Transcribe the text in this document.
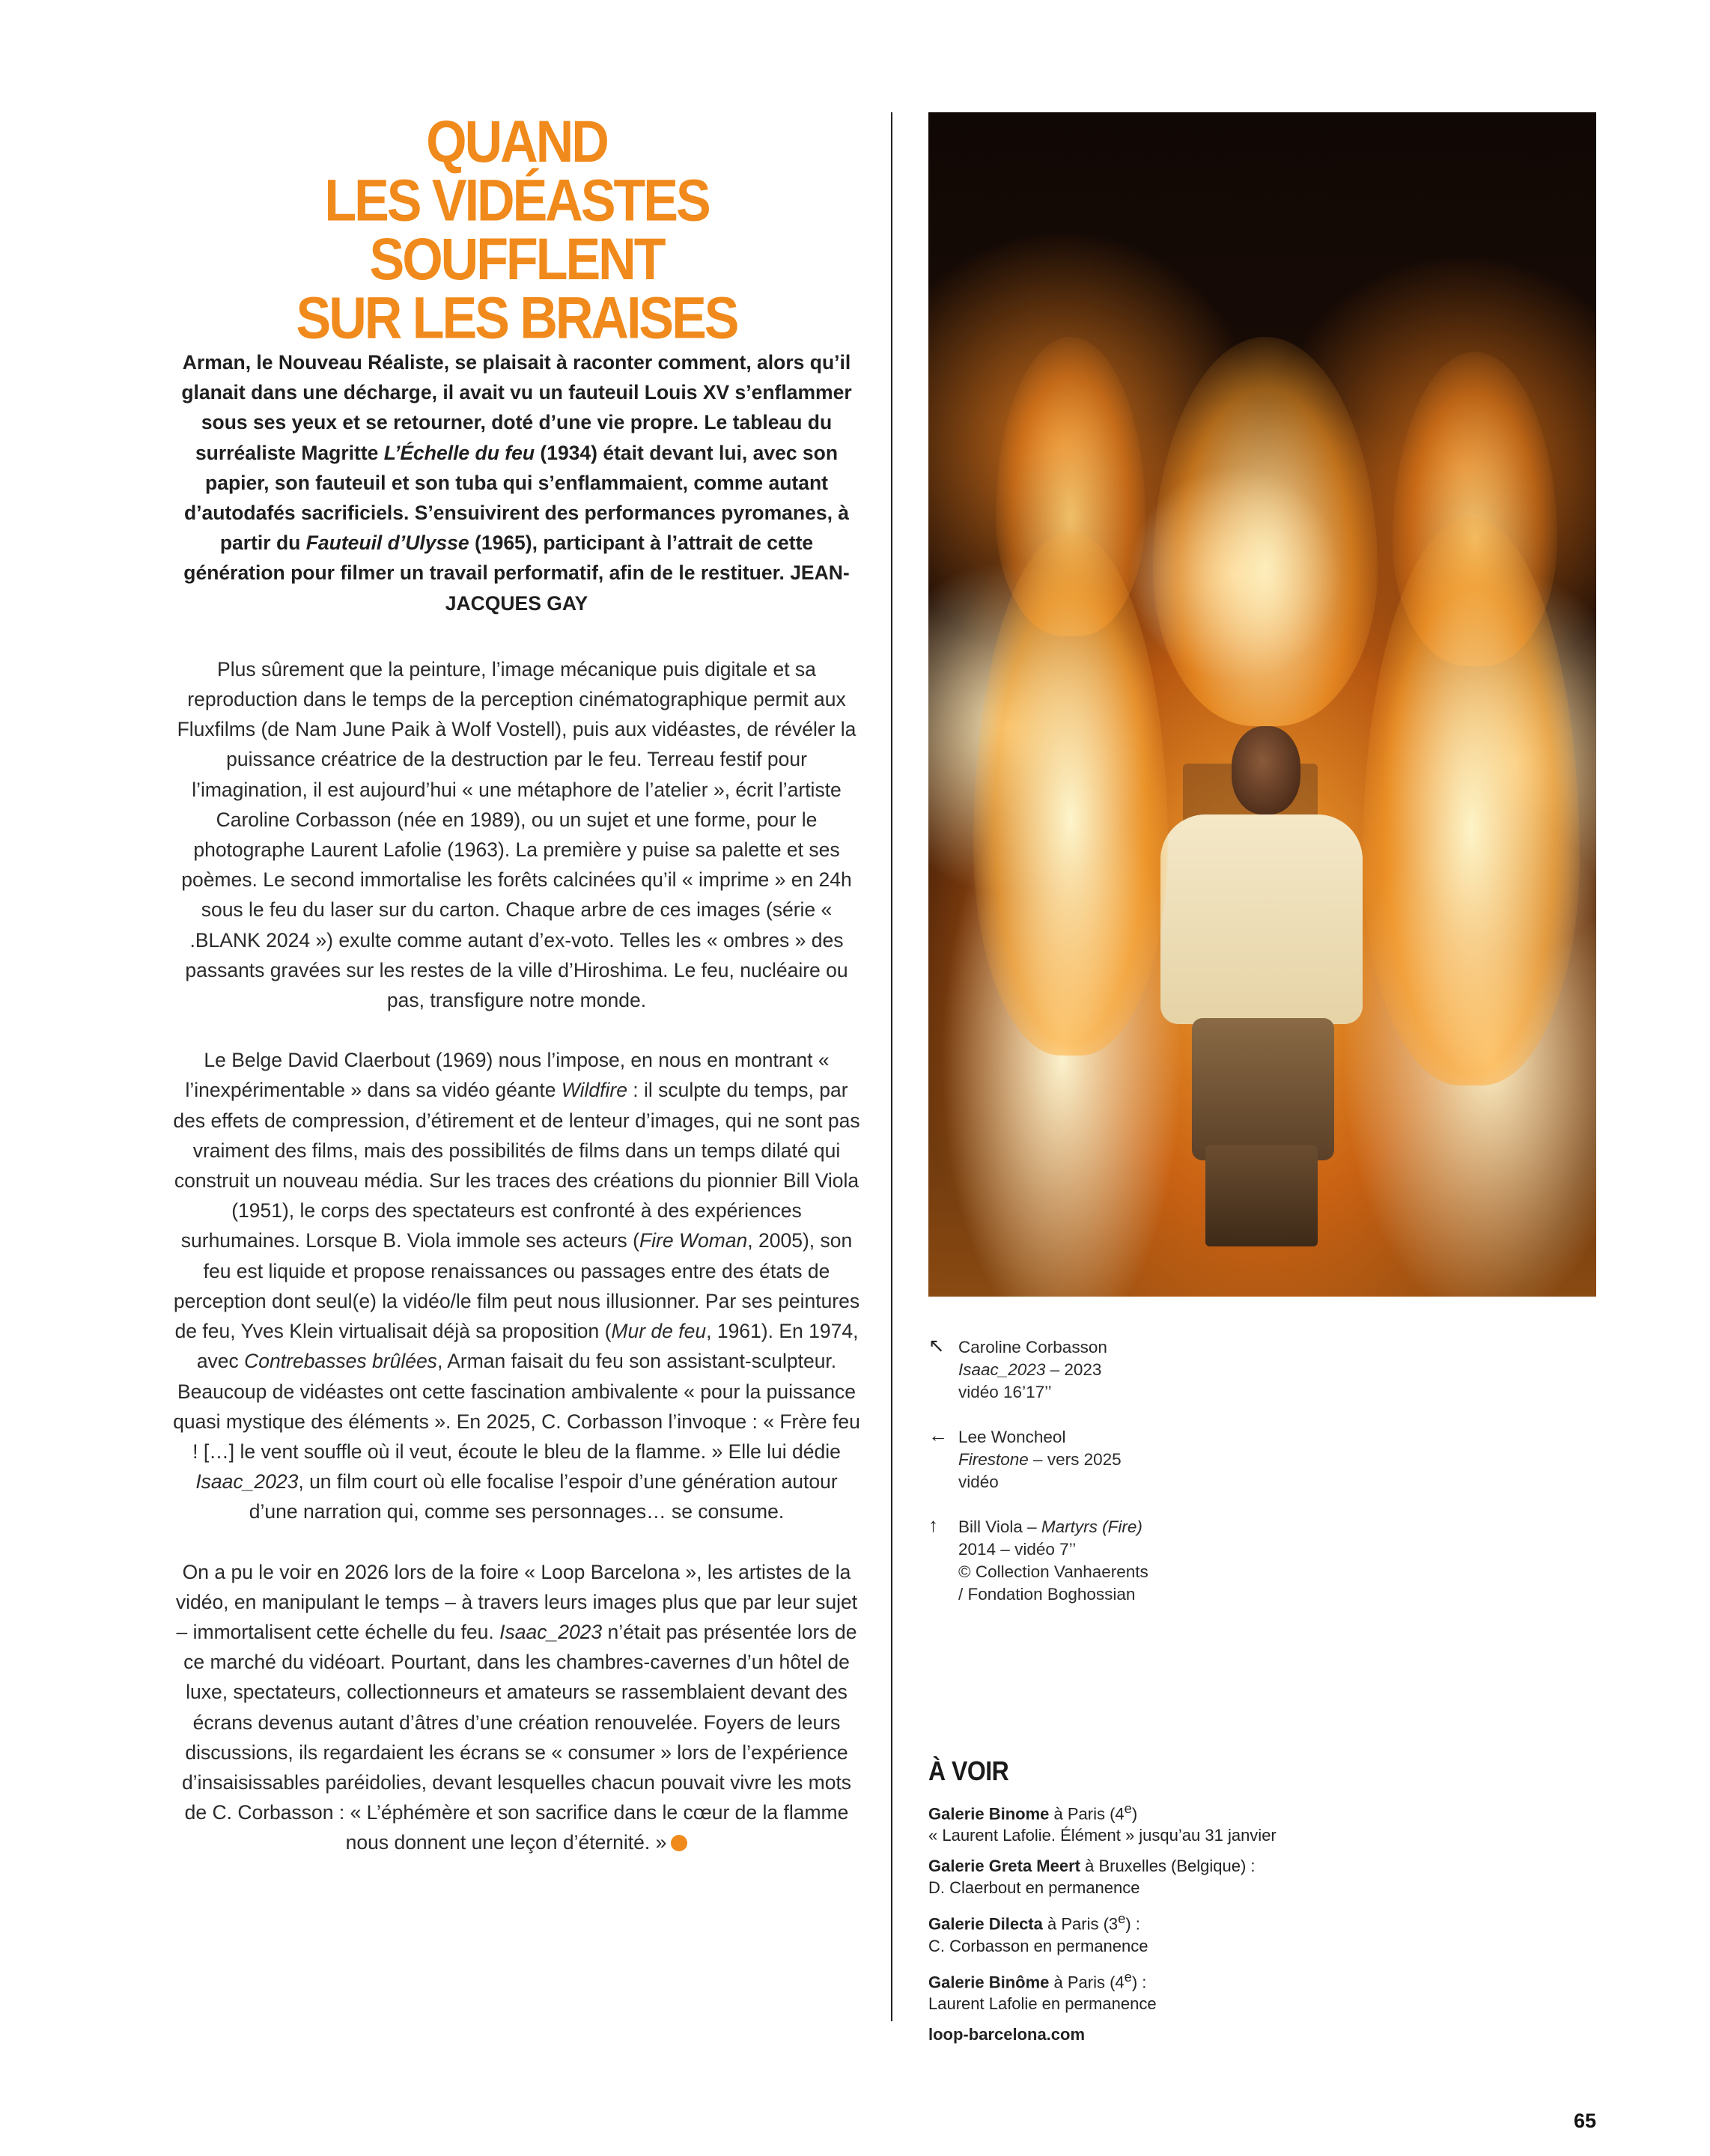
QUAND
LES VIDÉASTES SOUFFLENT
SUR LES BRAISES

Arman, le Nouveau Réaliste, se plaisait à raconter comment, alors qu’il glanait dans une décharge, il avait vu un fauteuil Louis XV s’enflammer sous ses yeux et se retourner, doté d’une vie propre. Le tableau du surréaliste Magritte L’Échelle du feu (1934) était devant lui, avec son papier, son fauteuil et son tuba qui s’enflammaient, comme autant d’autodafés sacrificiels. S’ensuivirent des performances pyromanes, à partir du Fauteuil d’Ulysse (1965), participant à l’attrait de cette génération pour filmer un travail performatif, afin de le restituer. JEAN-JACQUES GAY

Plus sûrement que la peinture, l’image mécanique puis digitale et sa reproduction dans le temps de la perception cinématographique permit aux Fluxfilms (de Nam June Paik à Wolf Vostell), puis aux vidéastes, de révéler la puissance créatrice de la destruction par le feu. Terreau festif pour l’imagination, il est aujourd’hui « une métaphore de l’atelier », écrit l’artiste Caroline Corbasson (née en 1989), ou un sujet et une forme, pour le photographe Laurent Lafolie (1963). La première y puise sa palette et ses poèmes. Le second immortalise les forêts calcinées qu’il « imprime » en 24h sous le feu du laser sur du carton. Chaque arbre de ces images (série « .BLANK 2024 ») exulte comme autant d’ex-voto. Telles les « ombres » des passants gravées sur les restes de la ville d’Hiroshima. Le feu, nucléaire ou pas, transfigure notre monde.

Le Belge David Claerbout (1969) nous l’impose, en nous en montrant « l’inexpérimentable » dans sa vidéo géante Wildfire : il sculpte du temps, par des effets de compression, d’étirement et de lenteur d’images, qui ne sont pas vraiment des films, mais des possibilités de films dans un temps dilaté qui construit un nouveau média. Sur les traces des créations du pionnier Bill Viola (1951), le corps des spectateurs est confronté à des expériences surhumaines. Lorsque B. Viola immole ses acteurs (Fire Woman, 2005), son feu est liquide et propose renaissances ou passages entre des états de perception dont seul(e) la vidéo/le film peut nous illusionner. Par ses peintures de feu, Yves Klein virtualisait déjà sa proposition (Mur de feu, 1961). En 1974, avec Contrebasses brûlées, Arman faisait du feu son assistant-sculpteur. Beaucoup de vidéastes ont cette fascination ambivalente « pour la puissance quasi mystique des éléments ». En 2025, C. Corbasson l’invoque : « Frère feu ! […] le vent souffle où il veut, écoute le bleu de la flamme. » Elle lui dédie Isaac_2023, un film court où elle focalise l’espoir d’une génération autour d’une narration qui, comme ses personnages… se consume.

On a pu le voir en 2026 lors de la foire « Loop Barcelona », les artistes de la vidéo, en manipulant le temps – à travers leurs images plus que par leur sujet – immortalisent cette échelle du feu. Isaac_2023 n’était pas présentée lors de ce marché du vidéoart. Pourtant, dans les chambres-cavernes d’un hôtel de luxe, spectateurs, collectionneurs et amateurs se rassemblaient devant des écrans devenus autant d’âtres d’une création renouvelée. Foyers de leurs discussions, ils regardaient les écrans se « consumer » lors de l’expérience d’insaisissables paréidolies, devant lesquelles chacun pouvait vivre les mots de C. Corbasson : « L’éphémère et son sacrifice dans le cœur de la flamme nous donnent une leçon d’éternité. »

↖ Caroline Corbasson
Isaac_2023 – 2023
vidéo 16’17’’
← Lee Woncheol
Firestone – vers 2025
vidéo
↑ Bill Viola – Martyrs (Fire)
2014 – vidéo 7’’
© Collection Vanhaerents
/ Fondation Boghossian
À VOIR
Galerie Binome à Paris (4e)
« Laurent Lafolie. Élément » jusqu’au 31 janvier
Galerie Greta Meert à Bruxelles (Belgique) :
D. Claerbout en permanence
Galerie Dilecta à Paris (3e) :
C. Corbasson en permanence
Galerie Binôme à Paris (4e) :
Laurent Lafolie en permanence
loop-barcelona.com
65
